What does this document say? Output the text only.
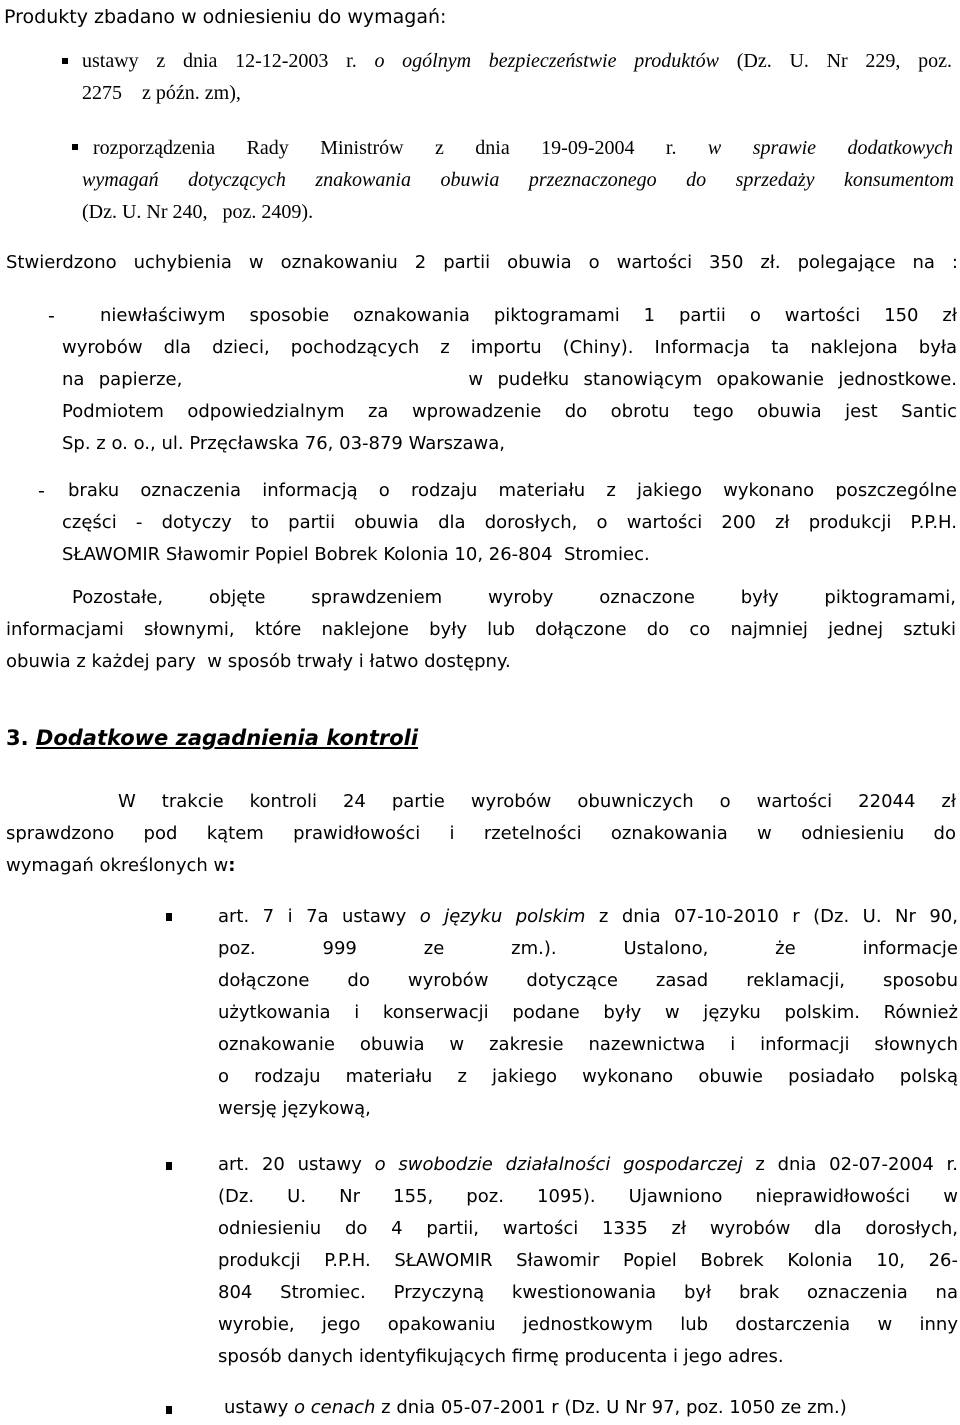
Produkty zbadano w odniesieniu do wymagań:
ustawy z dnia 12-12-2003 r. o ogólnym bezpieczeństwie produktów (Dz. U. Nr 229, poz.
2275    z późn. zm),
rozporządzenia Rady Ministrów z dnia 19-09-2004 r. w sprawie dodatkowych
wymagań dotyczących znakowania obuwia przeznaczonego do sprzedaży konsumentom
(Dz. U. Nr 240,   poz. 2409).
Stwierdzono uchybienia w oznakowaniu 2 partii obuwia o wartości 350 zł. polegające na :
-	niewłaściwym sposobie oznakowania piktogramami 1 partii o wartości 150 zł
wyrobów dla dzieci, pochodzących z importu (Chiny). Informacja ta naklejona była
na papierze,                    w pudełku stanowiącym opakowanie jednostkowe.
Podmiotem odpowiedzialnym za wprowadzenie do obrotu tego obuwia jest Santic
Sp. z o. o., ul. Przęcławska 76, 03-879 Warszawa,
-	braku oznaczenia informacją o rodzaju materiału z jakiego wykonano poszczególne
części - dotyczy to partii obuwia dla dorosłych, o wartości 200 zł produkcji P.P.H.
SŁAWOMIR Sławomir Popiel Bobrek Kolonia 10, 26-804  Stromiec.
Pozostałe, objęte sprawdzeniem wyroby oznaczone były piktogramami,
informacjami słownymi, które naklejone były lub dołączone do co najmniej jednej sztuki
obuwia z każdej pary  w sposób trwały i łatwo dostępny.
3. Dodatkowe zagadnienia kontroli
W trakcie kontroli 24 partie wyrobów obuwniczych o wartości 22044 zł
sprawdzono pod kątem prawidłowości i rzetelności oznakowania w odniesieniu do
wymagań określonych w:
art. 7 i 7a ustawy o języku polskim z dnia 07-10-2010 r (Dz. U. Nr 90,
poz. 999 ze zm.).	Ustalono, że informacje
dołączone do wyrobów dotyczące zasad reklamacji, sposobu
użytkowania i konserwacji podane były w języku polskim. Również
oznakowanie obuwia w zakresie nazewnictwa i informacji słownych
o rodzaju materiału z jakiego wykonano obuwie posiadało polską
wersję językową,
art. 20 ustawy o swobodzie działalności gospodarczej z dnia 02-07-2004 r.
(Dz. U. Nr 155, poz. 1095). Ujawniono nieprawidłowości w
odniesieniu do 4 partii, wartości 1335 zł wyrobów dla dorosłych,
produkcji P.P.H. SŁAWOMIR Sławomir Popiel Bobrek Kolonia 10, 26-
804 Stromiec. Przyczyną kwestionowania był brak oznaczenia na
wyrobie, jego opakowaniu jednostkowym lub dostarczenia w inny
sposób danych identyfikujących firmę producenta i jego adres.
ustawy o cenach z dnia 05-07-2001 r (Dz. U Nr 97, poz. 1050 ze zm.)
